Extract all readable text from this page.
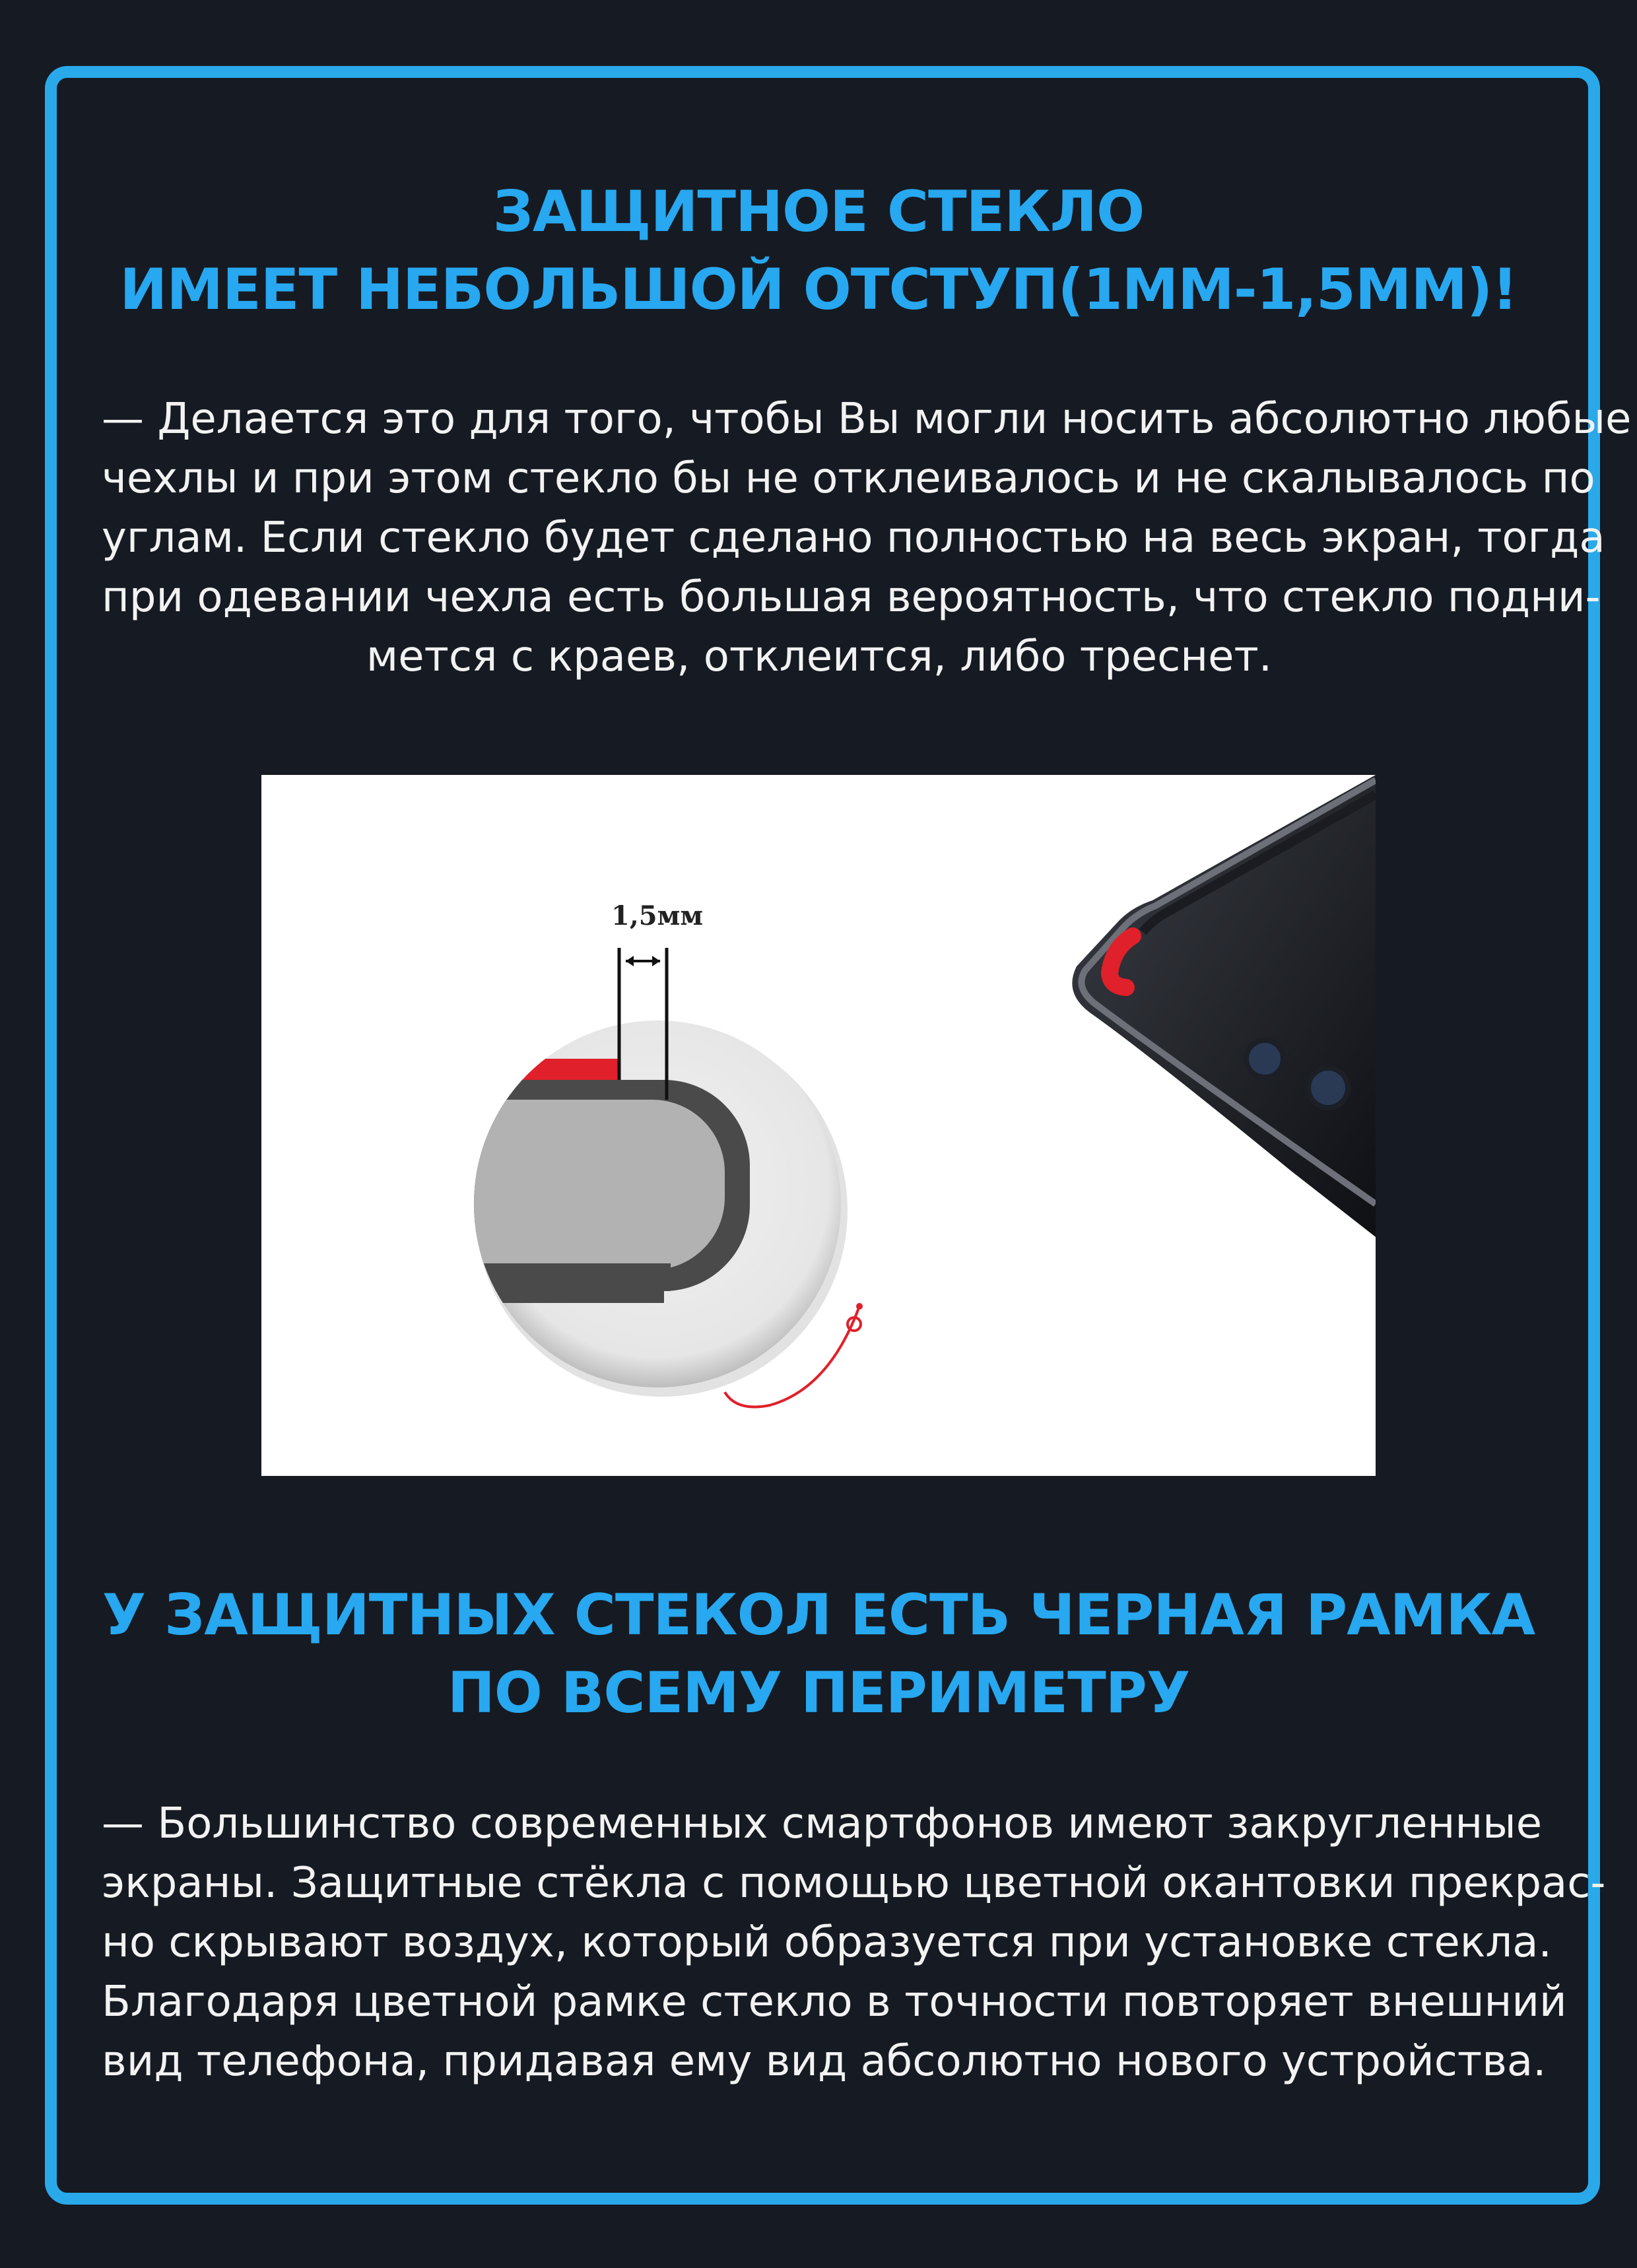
ЗАЩИТНОЕ СТЕКЛО
ИМЕЕТ НЕБОЛЬШОЙ ОТСТУП(1ММ-1,5ММ)!
— Делается это для того, чтобы Вы могли носить абсолютно любые
чехлы и при этом стекло бы не отклеивалось и не скалывалось по
углам. Если стекло будет сделано полностью на весь экран, тогда
при одевании чехла есть большая вероятность, что стекло подни-
мется с краев, отклеится, либо треснет.
1,5мм
У ЗАЩИТНЫХ СТЕКОЛ ЕСТЬ ЧЕРНАЯ РАМКА
ПО ВСЕМУ ПЕРИМЕТРУ
— Большинство современных смартфонов имеют закругленные
экраны. Защитные стёкла с помощью цветной окантовки прекрас-
но скрывают воздух, который образуется при установке стекла.
Благодаря цветной рамке стекло в точности повторяет внешний
вид телефона, придавая ему вид абсолютно нового устройства.
